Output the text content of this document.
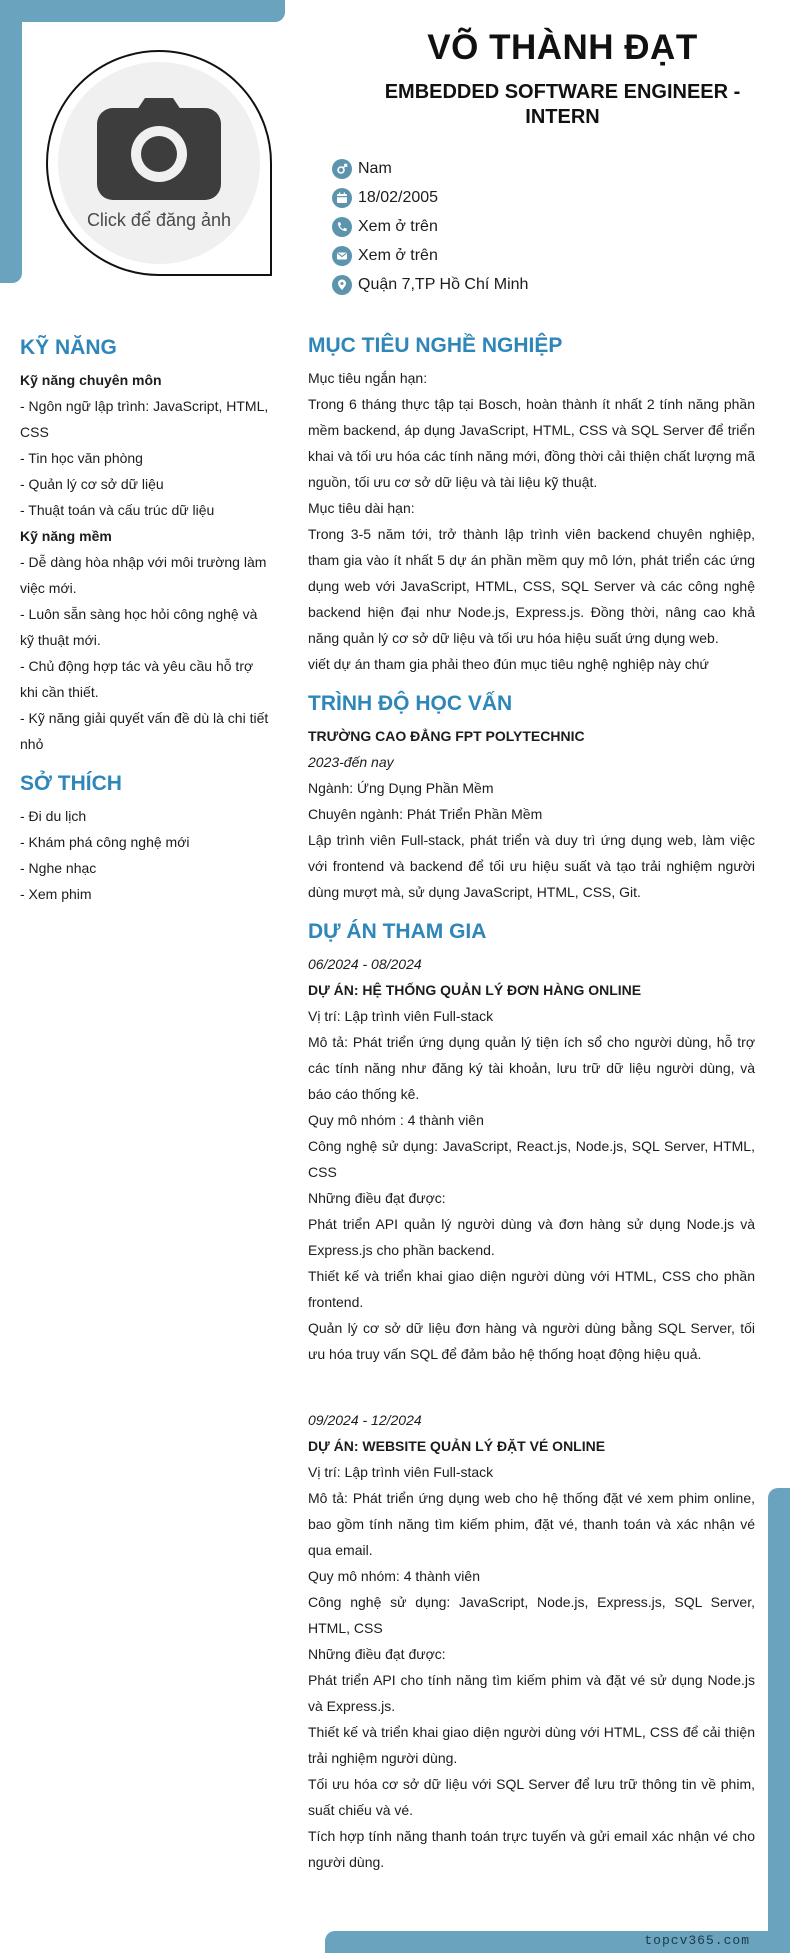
Click để đăng ảnh
VÕ THÀNH ĐẠT
EMBEDDED SOFTWARE ENGINEER - INTERN
Nam
18/02/2005
Xem ở trên
Xem ở trên
Quận 7,TP Hồ Chí Minh
KỸ NĂNG
Kỹ năng chuyên môn
- Ngôn ngữ lập trình: JavaScript, HTML, CSS
- Tin học văn phòng
- Quản lý cơ sở dữ liệu
- Thuật toán và cấu trúc dữ liệu
Kỹ năng mềm
- Dễ dàng hòa nhập với môi trường làm việc mới.
- Luôn sẵn sàng học hỏi công nghệ và kỹ thuật mới.
- Chủ động hợp tác và yêu cầu hỗ trợ khi cần thiết.
- Kỹ năng giải quyết vấn đề dù là chi tiết nhỏ
SỞ THÍCH
- Đi du lịch
- Khám phá công nghệ mới
- Nghe nhạc
- Xem phim
MỤC TIÊU NGHỀ NGHIỆP
Mục tiêu ngắn hạn:
Trong 6 tháng thực tập tại Bosch, hoàn thành ít nhất 2 tính năng phần mềm backend, áp dụng JavaScript, HTML, CSS và SQL Server để triển khai và tối ưu hóa các tính năng mới, đồng thời cải thiện chất lượng mã nguồn, tối ưu cơ sở dữ liệu và tài liệu kỹ thuật.
Mục tiêu dài hạn:
Trong 3-5 năm tới, trở thành lập trình viên backend chuyên nghiệp, tham gia vào ít nhất 5 dự án phần mềm quy mô lớn, phát triển các ứng dụng web với JavaScript, HTML, CSS, SQL Server và các công nghệ backend hiện đại như Node.js, Express.js. Đồng thời, nâng cao khả năng quản lý cơ sở dữ liệu và tối ưu hóa hiệu suất ứng dụng web.
viết dự án tham gia phải theo đún mục tiêu nghệ nghiệp này chứ
TRÌNH ĐỘ HỌC VẤN
TRƯỜNG CAO ĐẲNG FPT POLYTECHNIC
2023-đến nay
Ngành: Ứng Dụng Phần Mềm
Chuyên ngành: Phát Triển Phần Mềm
Lập trình viên Full-stack, phát triển và duy trì ứng dụng web, làm việc với frontend và backend để tối ưu hiệu suất và tạo trải nghiệm người dùng mượt mà, sử dụng JavaScript, HTML, CSS, Git.
DỰ ÁN THAM GIA
06/2024 - 08/2024
DỰ ÁN: HỆ THỐNG QUẢN LÝ ĐƠN HÀNG ONLINE
Vị trí: Lập trình viên Full-stack
Mô tả: Phát triển ứng dụng quản lý tiện ích sổ cho người dùng, hỗ trợ các tính năng như đăng ký tài khoản, lưu trữ dữ liệu người dùng, và báo cáo thống kê.
Quy mô nhóm : 4 thành viên
Công nghệ sử dụng: JavaScript, React.js, Node.js, SQL Server, HTML, CSS
Những điều đạt được:
Phát triển API quản lý người dùng và đơn hàng sử dụng Node.js và Express.js cho phần backend.
Thiết kế và triển khai giao diện người dùng với HTML, CSS cho phần frontend.
Quản lý cơ sở dữ liệu đơn hàng và người dùng bằng SQL Server, tối ưu hóa truy vấn SQL để đảm bảo hệ thống hoạt động hiệu quả.
09/2024 - 12/2024
DỰ ÁN: WEBSITE QUẢN LÝ ĐẶT VÉ ONLINE
Vị trí: Lập trình viên Full-stack
Mô tả: Phát triển ứng dụng web cho hệ thống đặt vé xem phim online, bao gồm tính năng tìm kiếm phim, đặt vé, thanh toán và xác nhận vé qua email.
Quy mô nhóm: 4 thành viên
Công nghệ sử dụng: JavaScript, Node.js, Express.js, SQL Server, HTML, CSS
Những điều đạt được:
Phát triển API cho tính năng tìm kiếm phim và đặt vé sử dụng Node.js và Express.js.
Thiết kế và triển khai giao diện người dùng với HTML, CSS để cải thiện trải nghiệm người dùng.
Tối ưu hóa cơ sở dữ liệu với SQL Server để lưu trữ thông tin về phim, suất chiếu và vé.
Tích hợp tính năng thanh toán trực tuyến và gửi email xác nhận vé cho người dùng.
topcv365.com
